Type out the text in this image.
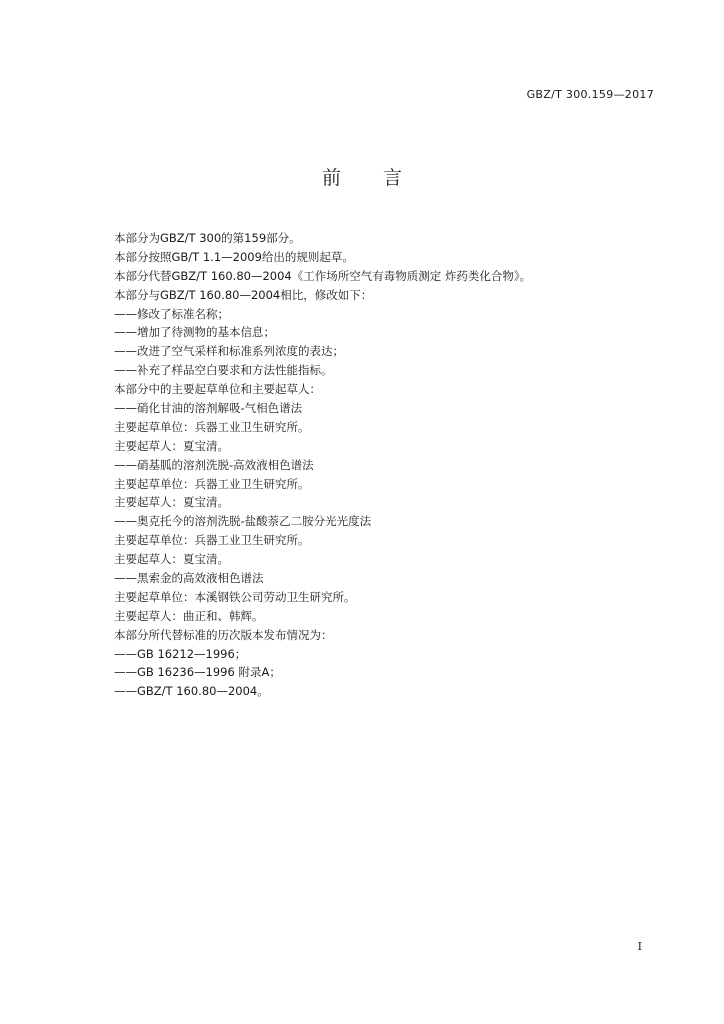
GBZ/T 300.159—2017
前 言
本部分为GBZ/T 300的第159部分。
本部分按照GB/T 1.1—2009给出的规则起草。
本部分代替GBZ/T 160.80—2004《工作场所空气有毒物质测定 炸药类化合物》。
本部分与GBZ/T 160.80—2004相比，修改如下：
——修改了标准名称；
——增加了待测物的基本信息；
——改进了空气采样和标准系列浓度的表达；
——补充了样品空白要求和方法性能指标。
本部分中的主要起草单位和主要起草人：
——硝化甘油的溶剂解吸-气相色谱法
主要起草单位：兵器工业卫生研究所。
主要起草人：夏宝清。
——硝基胍的溶剂洗脱-高效液相色谱法
主要起草单位：兵器工业卫生研究所。
主要起草人：夏宝清。
——奥克托今的溶剂洗脱-盐酸萘乙二胺分光光度法
主要起草单位：兵器工业卫生研究所。
主要起草人：夏宝清。
——黑索金的高效液相色谱法
主要起草单位：本溪钢铁公司劳动卫生研究所。
主要起草人：曲正和、韩辉。
本部分所代替标准的历次版本发布情况为：
——GB 16212—1996；
——GB 16236—1996 附录A；
——GBZ/T 160.80—2004。
I
